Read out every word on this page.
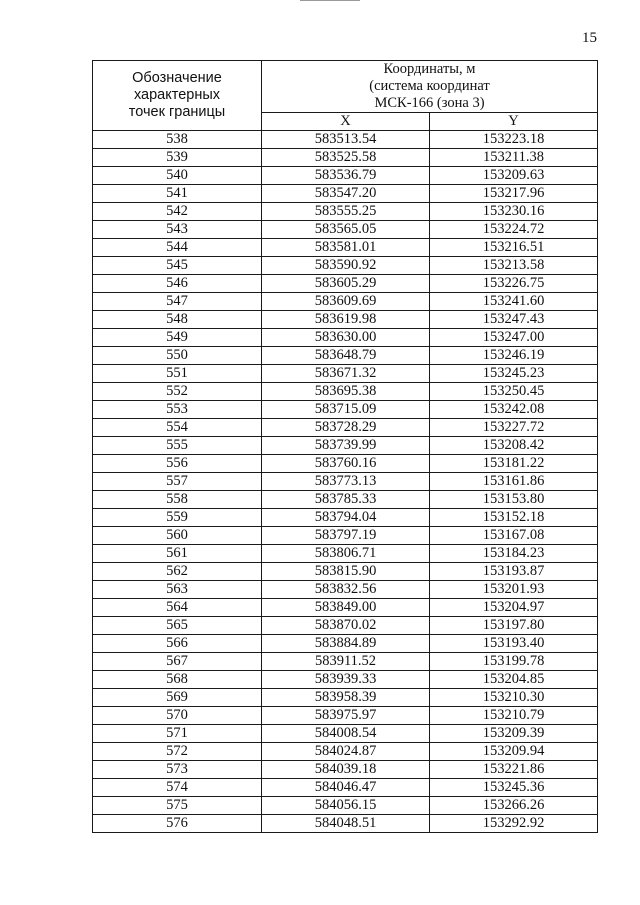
15
Обозначение
характерных
точек границы	Координаты, м
(система координат
МСК-166 (зона 3)	

	X	Y
538	583513.54	153223.18
539	583525.58	153211.38
540	583536.79	153209.63
541	583547.20	153217.96
542	583555.25	153230.16
543	583565.05	153224.72
544	583581.01	153216.51
545	583590.92	153213.58
546	583605.29	153226.75
547	583609.69	153241.60
548	583619.98	153247.43
549	583630.00	153247.00
550	583648.79	153246.19
551	583671.32	153245.23
552	583695.38	153250.45
553	583715.09	153242.08
554	583728.29	153227.72
555	583739.99	153208.42
556	583760.16	153181.22
557	583773.13	153161.86
558	583785.33	153153.80
559	583794.04	153152.18
560	583797.19	153167.08
561	583806.71	153184.23
562	583815.90	153193.87
563	583832.56	153201.93
564	583849.00	153204.97
565	583870.02	153197.80
566	583884.89	153193.40
567	583911.52	153199.78
568	583939.33	153204.85
569	583958.39	153210.30
570	583975.97	153210.79
571	584008.54	153209.39
572	584024.87	153209.94
573	584039.18	153221.86
574	584046.47	153245.36
575	584056.15	153266.26
576	584048.51	153292.92
